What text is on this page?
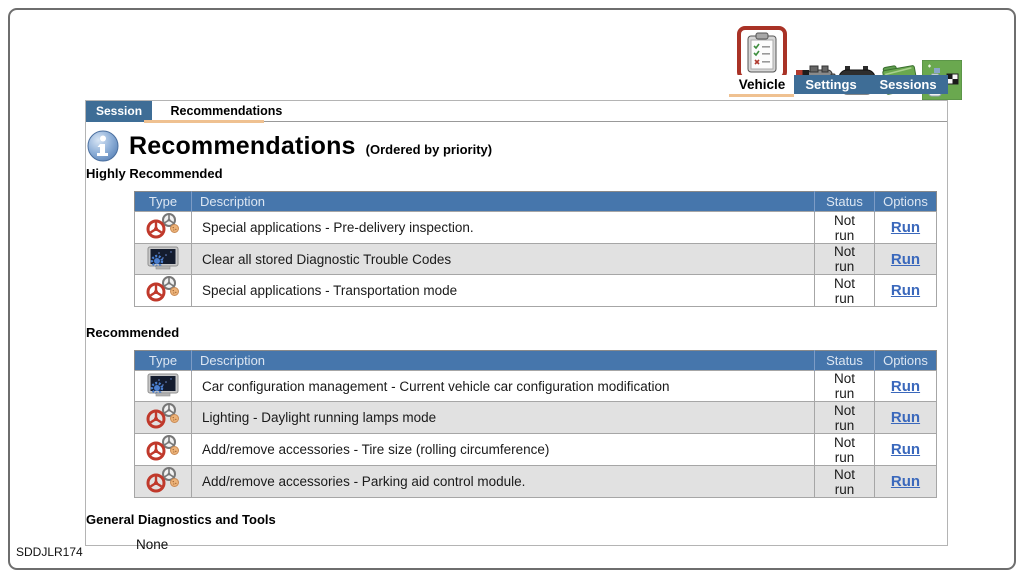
Vehicle	Settings Sessions
Session Recommendations
Recommendations (Ordered by priority)
Highly Recommended
Type	Description	Status	Options
	Special applications - Pre-delivery inspection.	Not run	Run
	Clear all stored Diagnostic Trouble Codes	Not run	Run
	Special applications - Transportation mode	Not run	Run
Recommended
Type	Description	Status	Options
	Car configuration management - Current vehicle car configuration modification	Not run	Run
	Lighting - Daylight running lamps mode	Not run	Run
	Add/remove accessories - Tire size (rolling circumference)	Not run	Run
	Add/remove accessories - Parking aid control module.	Not run	Run
General Diagnostics and Tools
None
SDDJLR174
